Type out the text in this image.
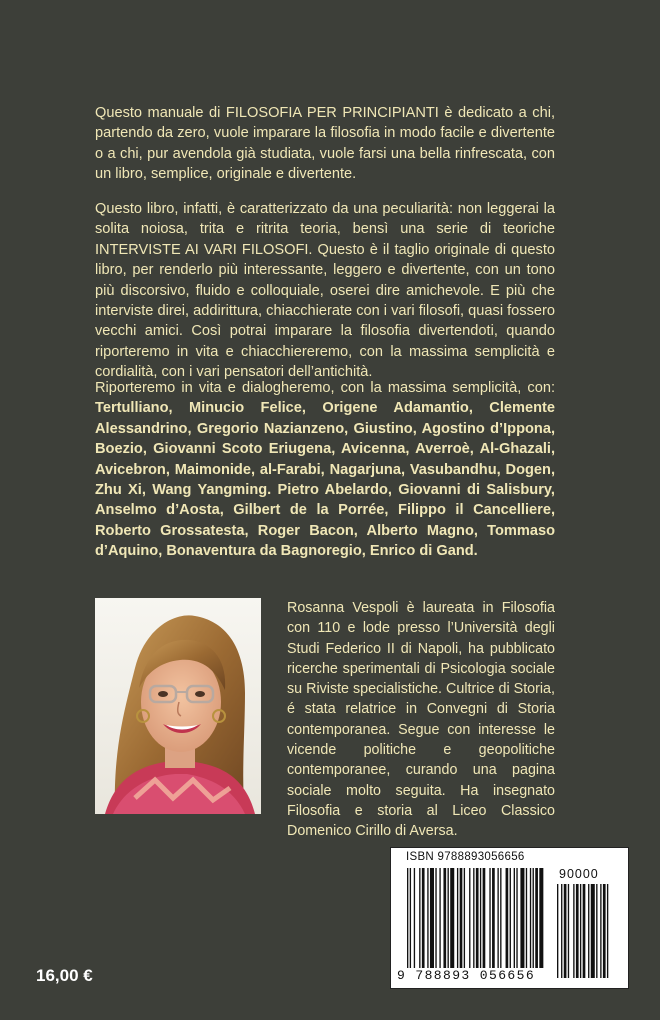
Questo manuale di FILOSOFIA PER PRINCIPIANTI è dedicato a chi, partendo da zero, vuole imparare la filosofia in modo facile e divertente o a chi, pur avendola già studiata, vuole farsi una bella rinfrescata, con un libro, semplice, originale e divertente.

Questo libro, infatti, è caratterizzato da una peculiarità: non leggerai la solita noiosa, trita e ritrita teoria, bensì una serie di teoriche INTERVISTE AI VARI FILOSOFI. Questo è il taglio originale di questo libro, per renderlo più interessante, leggero e divertente, con un tono più discorsivo, fluido e colloquiale, oserei dire amichevole. E più che interviste direi, addirittura, chiacchierate con i vari filosofi, quasi fossero vecchi amici. Così potrai imparare la filosofia divertendoti, quando riporteremo in vita e chiacchiereremo, con la massima semplicità e cordialità, con i vari pensatori dell’antichità.

Riporteremo in vita e dialogheremo, con la massima semplicità, con: Tertulliano, Minucio Felice, Origene Adamantio, Clemente Alessandrino, Gregorio Nazianzeno, Giustino, Agostino d’Ippona, Boezio, Giovanni Scoto Eriugena, Avicenna, Averroè, Al-Ghazali, Avicebron, Maimonide, al-Farabi, Nagarjuna, Vasubandhu, Dogen, Zhu Xi, Wang Yangming. Pietro Abelardo, Giovanni di Salisbury, Anselmo d’Aosta, Gilbert de la Porrée, Filippo il Cancelliere, Roberto Grossatesta, Roger Bacon, Alberto Magno, Tommaso d’Aquino, Bonaventura da Bagnoregio, Enrico di Gand.

Rosanna Vespoli è laureata in Filosofia con 110 e lode presso l’Università degli Studi Federico II di Napoli, ha pubblicato ricerche sperimentali di Psicologia sociale su Riviste specialistiche. Cultrice di Storia, é stata relatrice in Convegni di Storia contemporanea. Segue con interesse le vicende politiche e geopolitiche contemporanee, curando una pagina sociale molto seguita. Ha insegnato Filosofia e storia al Liceo Classico Domenico Cirillo di Aversa.

ISBN 9788893056656
90000
9 788893 056656
16,00 €
